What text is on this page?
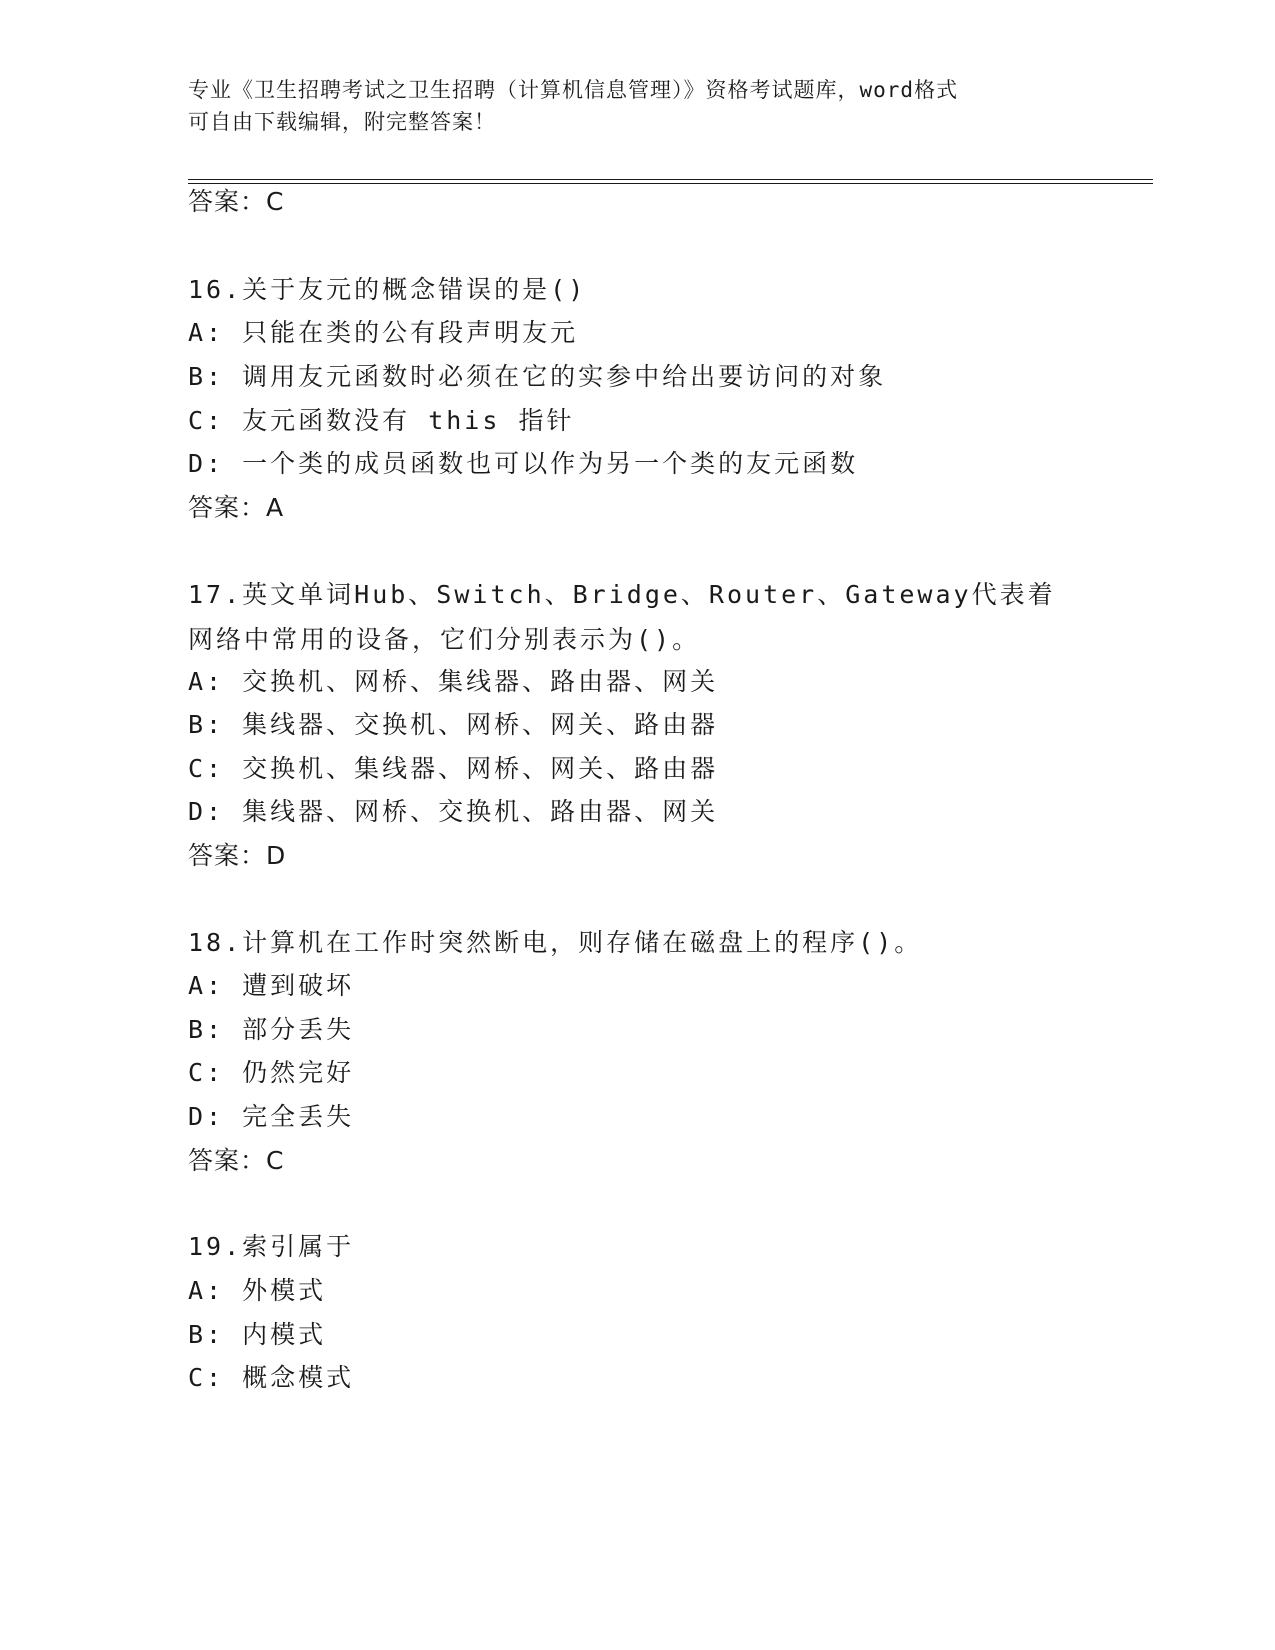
专业《卫生招聘考试之卫生招聘（计算机信息管理）》资格考试题库，word格式
可自由下载编辑，附完整答案！
答案：C
16.关于友元的概念错误的是()
A: 只能在类的公有段声明友元
B: 调用友元函数时必须在它的实参中给出要访问的对象
C: 友元函数没有 this 指针
D: 一个类的成员函数也可以作为另一个类的友元函数
答案：A
17.英文单词Hub、Switch、Bridge、Router、Gateway代表着网络中常用的设备，它们分别表示为()。
A: 交换机、网桥、集线器、路由器、网关
B: 集线器、交换机、网桥、网关、路由器
C: 交换机、集线器、网桥、网关、路由器
D: 集线器、网桥、交换机、路由器、网关
答案：D
18.计算机在工作时突然断电，则存储在磁盘上的程序()。
A: 遭到破坏
B: 部分丢失
C: 仍然完好
D: 完全丢失
答案：C
19.索引属于
A: 外模式
B: 内模式
C: 概念模式
